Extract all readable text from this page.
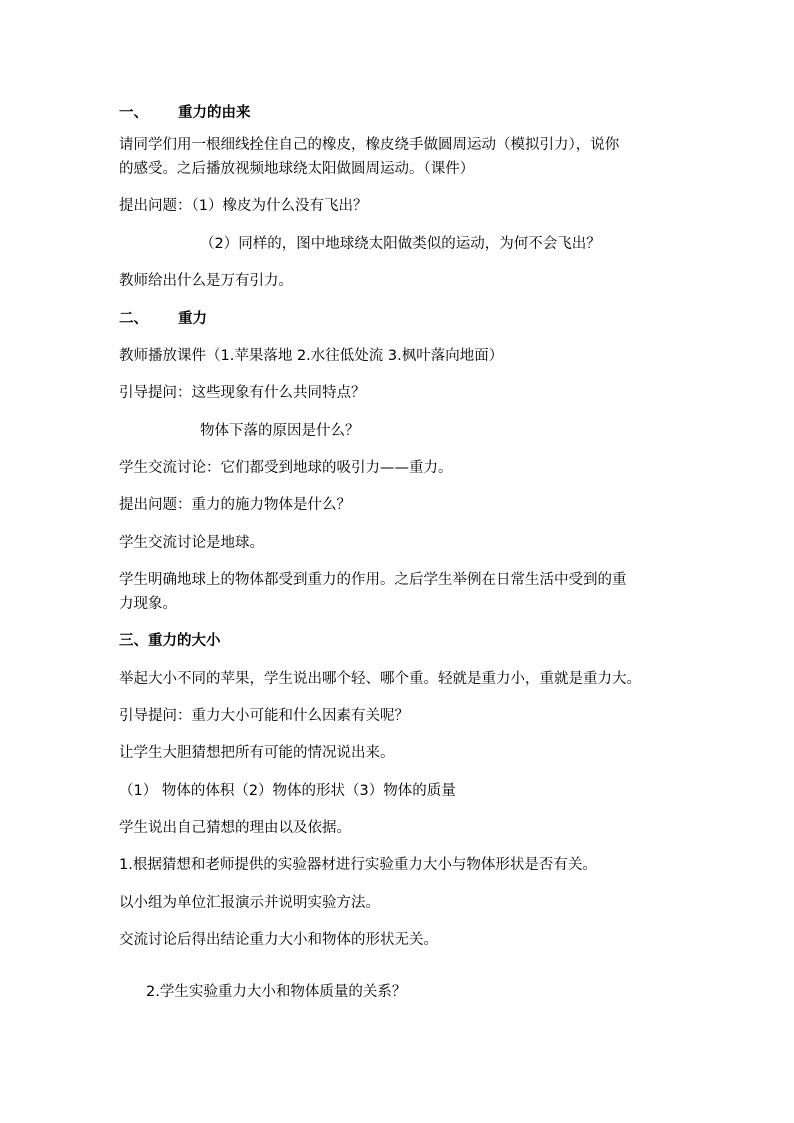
一、 重力的由来
请同学们用一根细线拴住自己的橡皮，橡皮绕手做圆周运动（模拟引力），说你
的感受。之后播放视频地球绕太阳做圆周运动。（课件）
提出问题：（1）橡皮为什么没有飞出？
（2）同样的，图中地球绕太阳做类似的运动，为何不会飞出？
教师给出什么是万有引力。
二、 重力
教师播放课件（1.苹果落地 2.水往低处流 3.枫叶落向地面）
引导提问：这些现象有什么共同特点？
物体下落的原因是什么？
学生交流讨论：它们都受到地球的吸引力——重力。
提出问题：重力的施力物体是什么？
学生交流讨论是地球。
学生明确地球上的物体都受到重力的作用。之后学生举例在日常生活中受到的重
力现象。
三、重力的大小
举起大小不同的苹果，学生说出哪个轻、哪个重。轻就是重力小，重就是重力大。
引导提问：重力大小可能和什么因素有关呢？
让学生大胆猜想把所有可能的情况说出来。
（1） 物体的体积（2）物体的形状（3）物体的质量
学生说出自己猜想的理由以及依据。
1.根据猜想和老师提供的实验器材进行实验重力大小与物体形状是否有关。
以小组为单位汇报演示并说明实验方法。
交流讨论后得出结论重力大小和物体的形状无关。
2.学生实验重力大小和物体质量的关系？
